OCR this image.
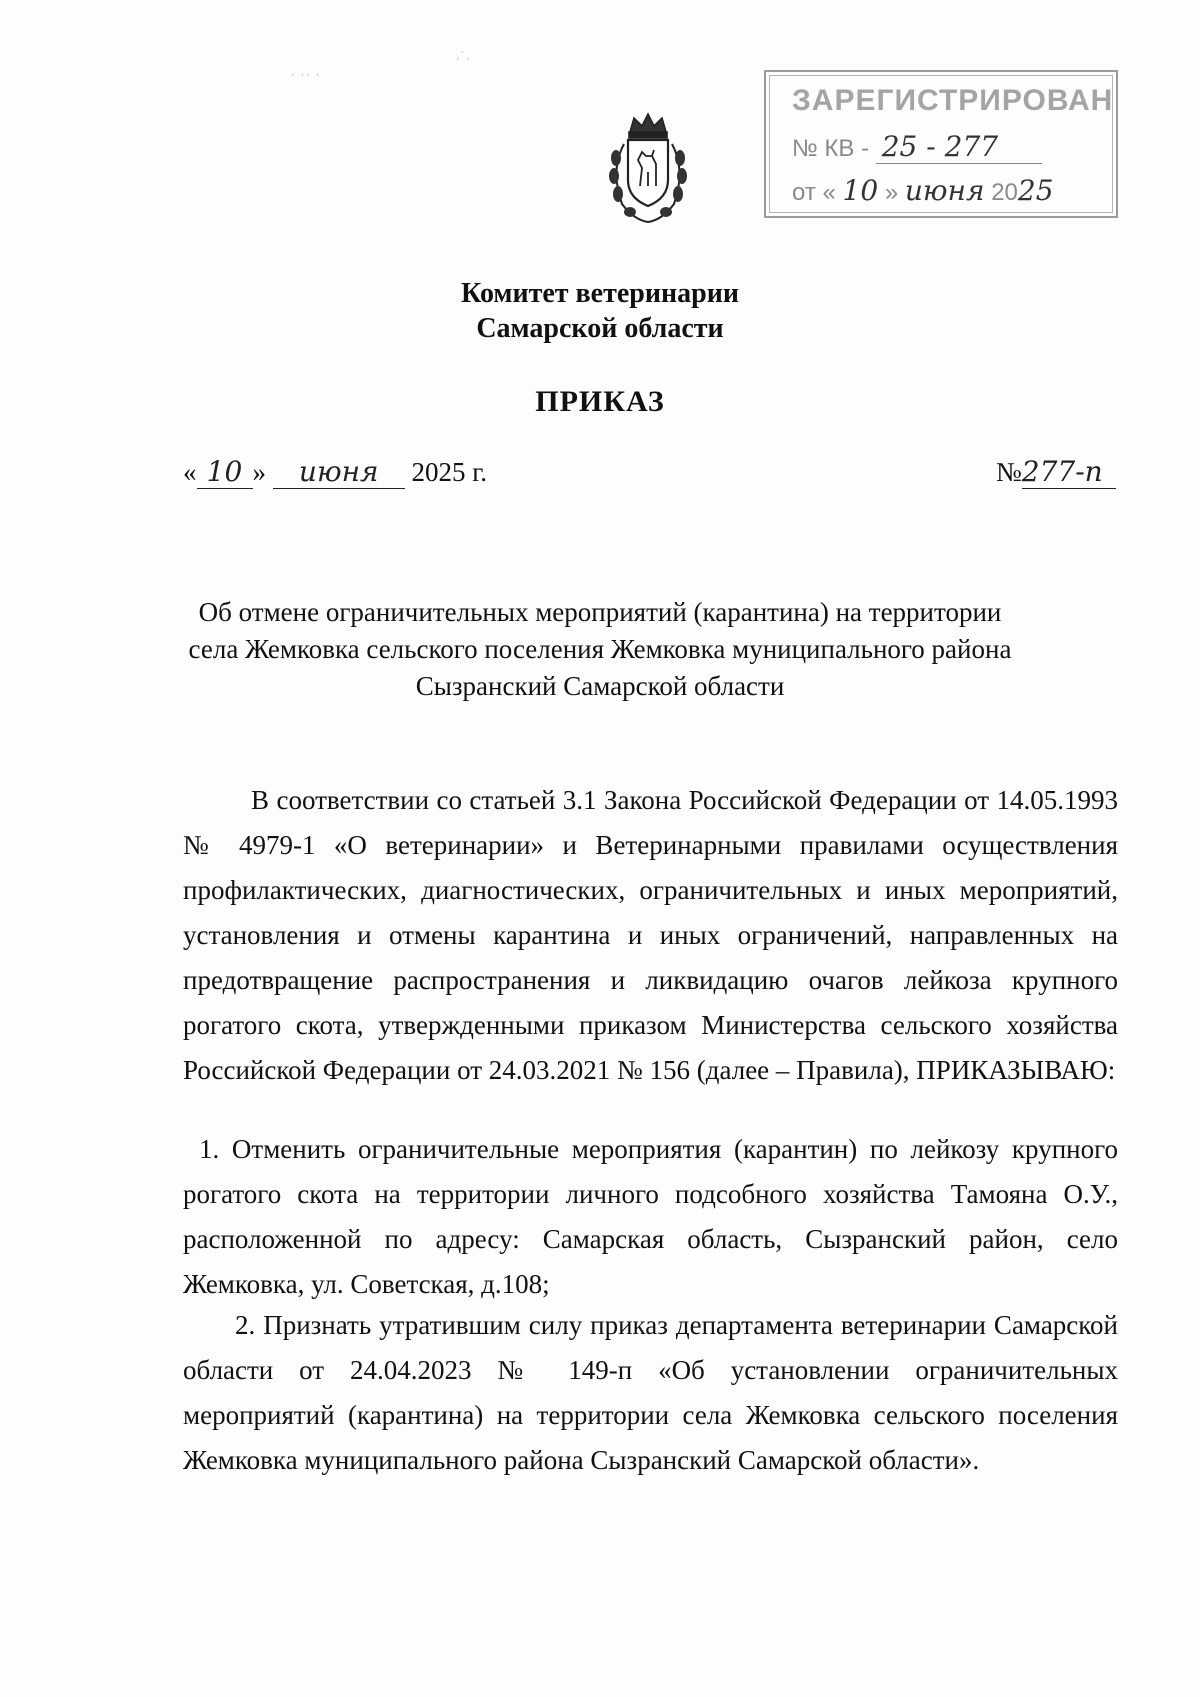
· ·· ·
·˙·
ЗАРЕГИСТРИРОВАН
№ КВ - 25 - 277
от « 10 » июня 2025
Комитет ветеринарии
Самарской области
ПРИКАЗ
« 10 » июня 2025 г.	№277-п
Об отмене ограничительных мероприятий (карантина) на территории
села Жемковка сельского поселения Жемковка муниципального района
Сызранский Самарской области
В соответствии со статьей 3.1 Закона Российской Федерации от 14.05.1993 № 4979-1 «О ветеринарии» и Ветеринарными правилами осуществления профилактических, диагностических, ограничительных и иных мероприятий, установления и отмены карантина и иных ограничений, направленных на предотвращение распространения и ликвидацию очагов лейкоза крупного рогатого скота, утвержденными приказом Министерства сельского хозяйства Российской Федерации от 24.03.2021 № 156 (далее – Правила), ПРИКАЗЫВАЮ:
1. Отменить ограничительные мероприятия (карантин) по лейкозу крупного рогатого скота на территории личного подсобного хозяйства Тамояна О.У., расположенной по адресу: Самарская область, Сызранский район, село Жемковка, ул. Советская, д.108;
2. Признать утратившим силу приказ департамента ветеринарии Самарской области от 24.04.2023 № 149-п «Об установлении ограничительных мероприятий (карантина) на территории села Жемковка сельского поселения Жемковка муниципального района Сызранский Самарской области».
